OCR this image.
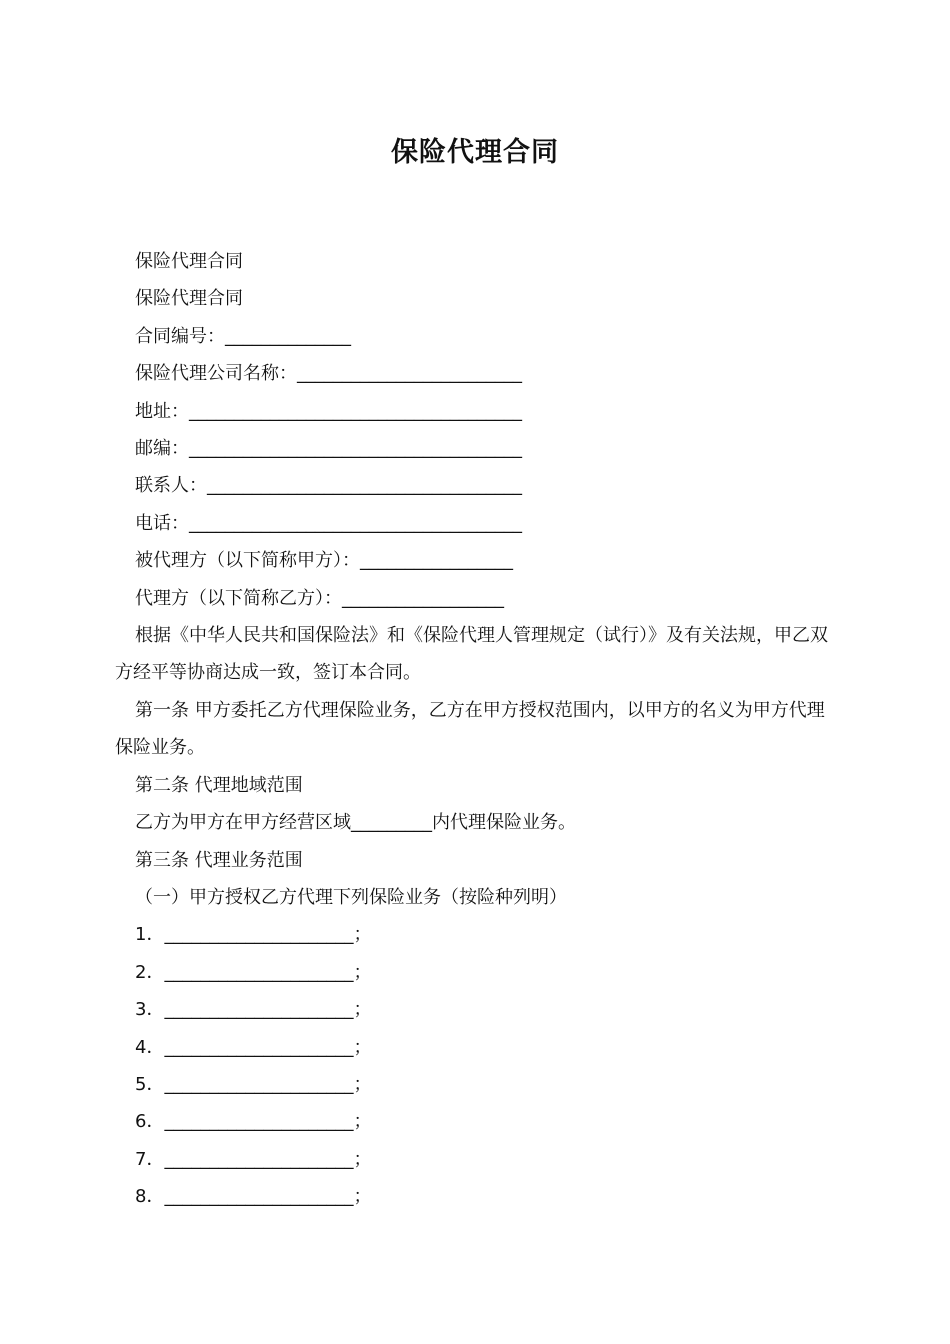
保险代理合同

保险代理合同

保险代理合同

合同编号：______________

保险代理公司名称：_________________________

地址：_____________________________________

邮编：_____________________________________

联系人：___________________________________

电话：_____________________________________

被代理方（以下简称甲方）：_________________

代理方（以下简称乙方）：__________________

根据《中华人民共和国保险法》和《保险代理人管理规定（试行）》及有关法规，甲乙双方经平等协商达成一致，签订本合同。

第一条 甲方委托乙方代理保险业务，乙方在甲方授权范围内，以甲方的名义为甲方代理保险业务。

第二条 代理地域范围

乙方为甲方在甲方经营区域_________内代理保险业务。

第三条 代理业务范围

（一）甲方授权乙方代理下列保险业务（按险种列明）

1．_____________________；

2．_____________________；

3．_____________________；

4．_____________________；

5．_____________________；

6．_____________________；

7．_____________________；

8．_____________________；
